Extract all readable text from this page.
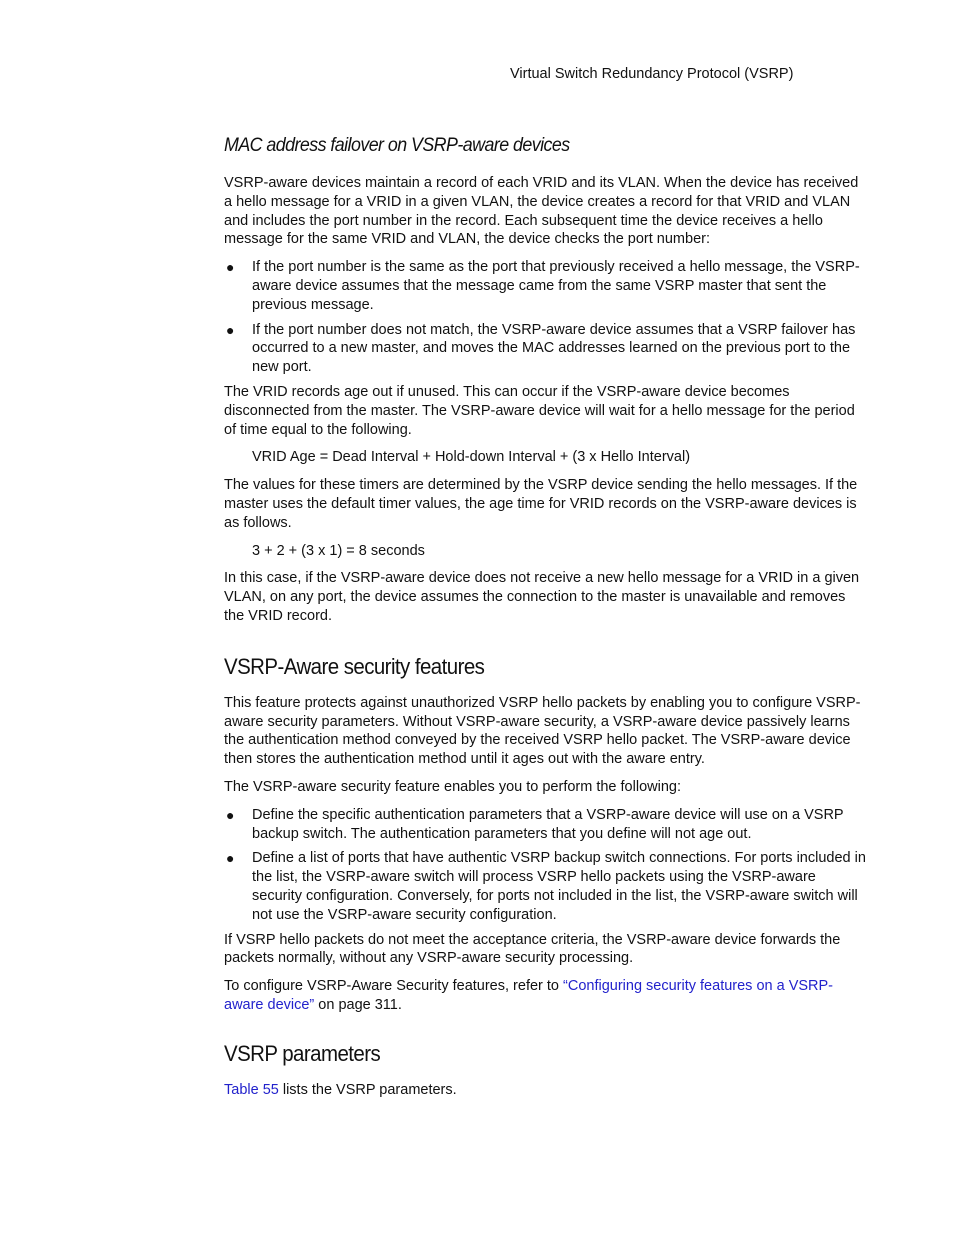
Virtual Switch Redundancy Protocol (VSRP)
MAC address failover on VSRP-aware devices

VSRP-aware devices maintain a record of each VRID and its VLAN. When the device has received a hello message for a VRID in a given VLAN, the device creates a record for that VRID and VLAN and includes the port number in the record. Each subsequent time the device receives a hello message for the same VRID and VLAN, the device checks the port number:

● If the port number is the same as the port that previously received a hello message, the VSRP-aware device assumes that the message came from the same VSRP master that sent the previous message.
● If the port number does not match, the VSRP-aware device assumes that a VSRP failover has occurred to a new master, and moves the MAC addresses learned on the previous port to the new port.

The VRID records age out if unused. This can occur if the VSRP-aware device becomes disconnected from the master. The VSRP-aware device will wait for a hello message for the period of time equal to the following.

VRID Age = Dead Interval + Hold-down Interval + (3 x Hello Interval)

The values for these timers are determined by the VSRP device sending the hello messages. If the master uses the default timer values, the age time for VRID records on the VSRP-aware devices is as follows.

3 + 2 + (3 x 1) = 8 seconds

In this case, if the VSRP-aware device does not receive a new hello message for a VRID in a given VLAN, on any port, the device assumes the connection to the master is unavailable and removes the VRID record.

VSRP-Aware security features

This feature protects against unauthorized VSRP hello packets by enabling you to configure VSRP-aware security parameters. Without VSRP-aware security, a VSRP-aware device passively learns the authentication method conveyed by the received VSRP hello packet. The VSRP-aware device then stores the authentication method until it ages out with the aware entry.

The VSRP-aware security feature enables you to perform the following:

● Define the specific authentication parameters that a VSRP-aware device will use on a VSRP backup switch. The authentication parameters that you define will not age out.
● Define a list of ports that have authentic VSRP backup switch connections. For ports included in the list, the VSRP-aware switch will process VSRP hello packets using the VSRP-aware security configuration. Conversely, for ports not included in the list, the VSRP-aware switch will not use the VSRP-aware security configuration.

If VSRP hello packets do not meet the acceptance criteria, the VSRP-aware device forwards the packets normally, without any VSRP-aware security processing.

To configure VSRP-Aware Security features, refer to “Configuring security features on a VSRP-aware device” on page 311.

VSRP parameters

Table 55 lists the VSRP parameters.
